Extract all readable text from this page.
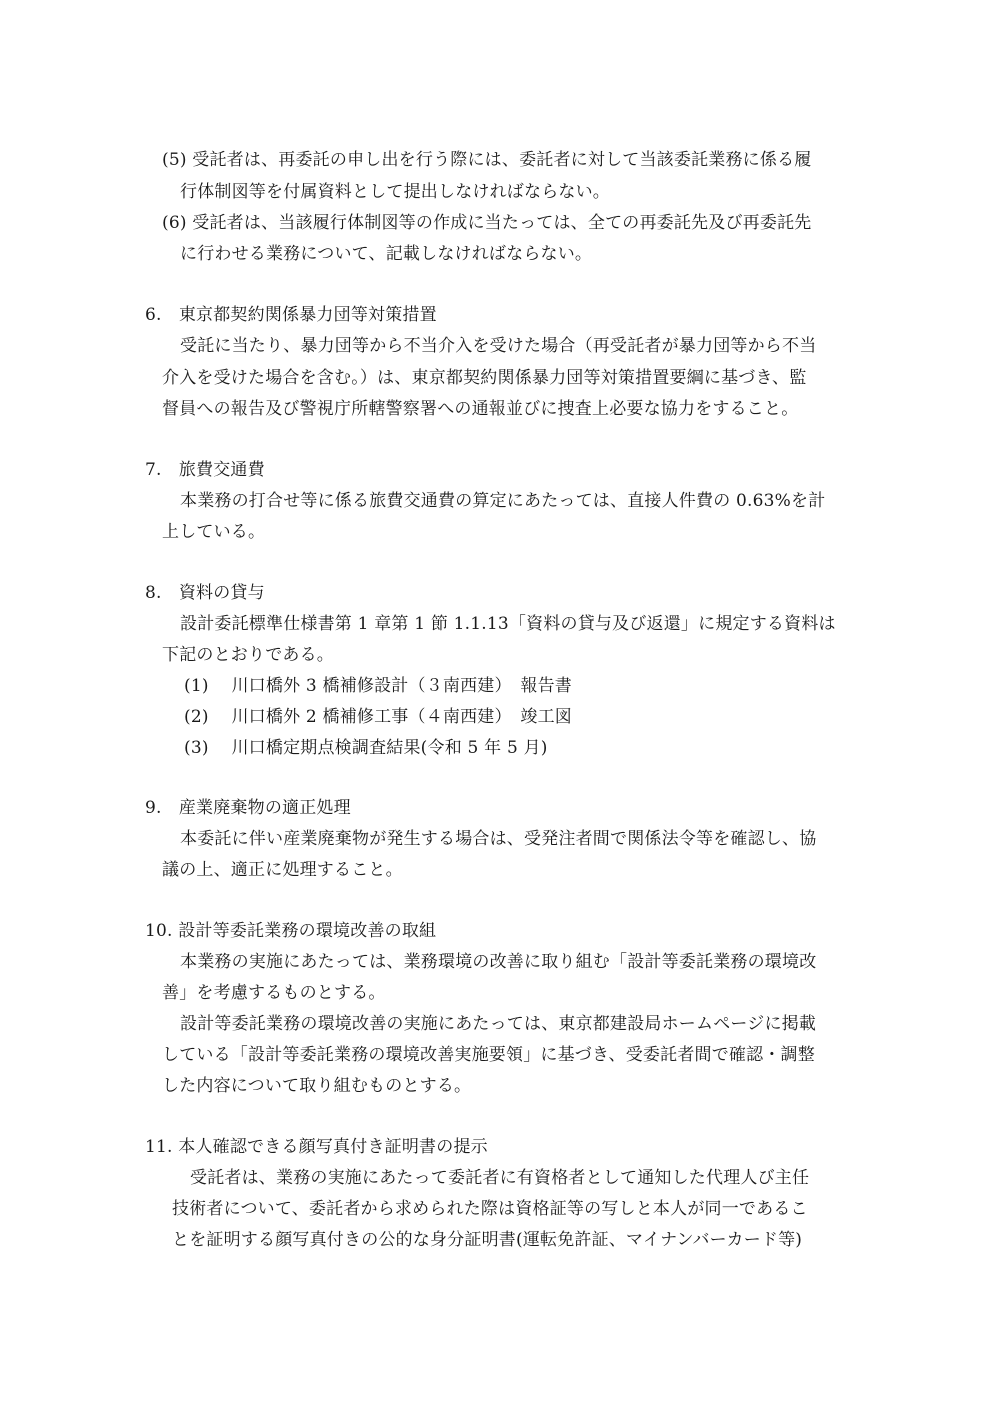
(5) 受託者は、再委託の申し出を行う際には、委託者に対して当該委託業務に係る履
行体制図等を付属資料として提出しなければならない。
(6) 受託者は、当該履行体制図等の作成に当たっては、全ての再委託先及び再委託先
に行わせる業務について、記載しなければならない。
6.　東京都契約関係暴力団等対策措置
受託に当たり、暴力団等から不当介入を受けた場合（再受託者が暴力団等から不当
介入を受けた場合を含む。）は、東京都契約関係暴力団等対策措置要綱に基づき、監
督員への報告及び警視庁所轄警察署への通報並びに捜査上必要な協力をすること。
7.　旅費交通費
本業務の打合せ等に係る旅費交通費の算定にあたっては、直接人件費の 0.63%を計
上している。
8.　資料の貸与
設計委託標準仕様書第 1 章第 1 節 1.1.13「資料の貸与及び返還」に規定する資料は
下記のとおりである。
(1)　 川口橋外 3 橋補修設計（３南西建）　報告書
(2)　 川口橋外 2 橋補修工事（４南西建）　竣工図
(3)　 川口橋定期点検調査結果(令和 5 年 5 月)
9.　産業廃棄物の適正処理
本委託に伴い産業廃棄物が発生する場合は、受発注者間で関係法令等を確認し、協
議の上、適正に処理すること。
10. 設計等委託業務の環境改善の取組
本業務の実施にあたっては、業務環境の改善に取り組む「設計等委託業務の環境改
善」を考慮するものとする。
設計等委託業務の環境改善の実施にあたっては、東京都建設局ホームページに掲載
している「設計等委託業務の環境改善実施要領」に基づき、受委託者間で確認・調整
した内容について取り組むものとする。
11. 本人確認できる顔写真付き証明書の提示
受託者は、業務の実施にあたって委託者に有資格者として通知した代理人び主任
技術者について、委託者から求められた際は資格証等の写しと本人が同一であるこ
とを証明する顔写真付きの公的な身分証明書(運転免許証、マイナンバーカード等)
